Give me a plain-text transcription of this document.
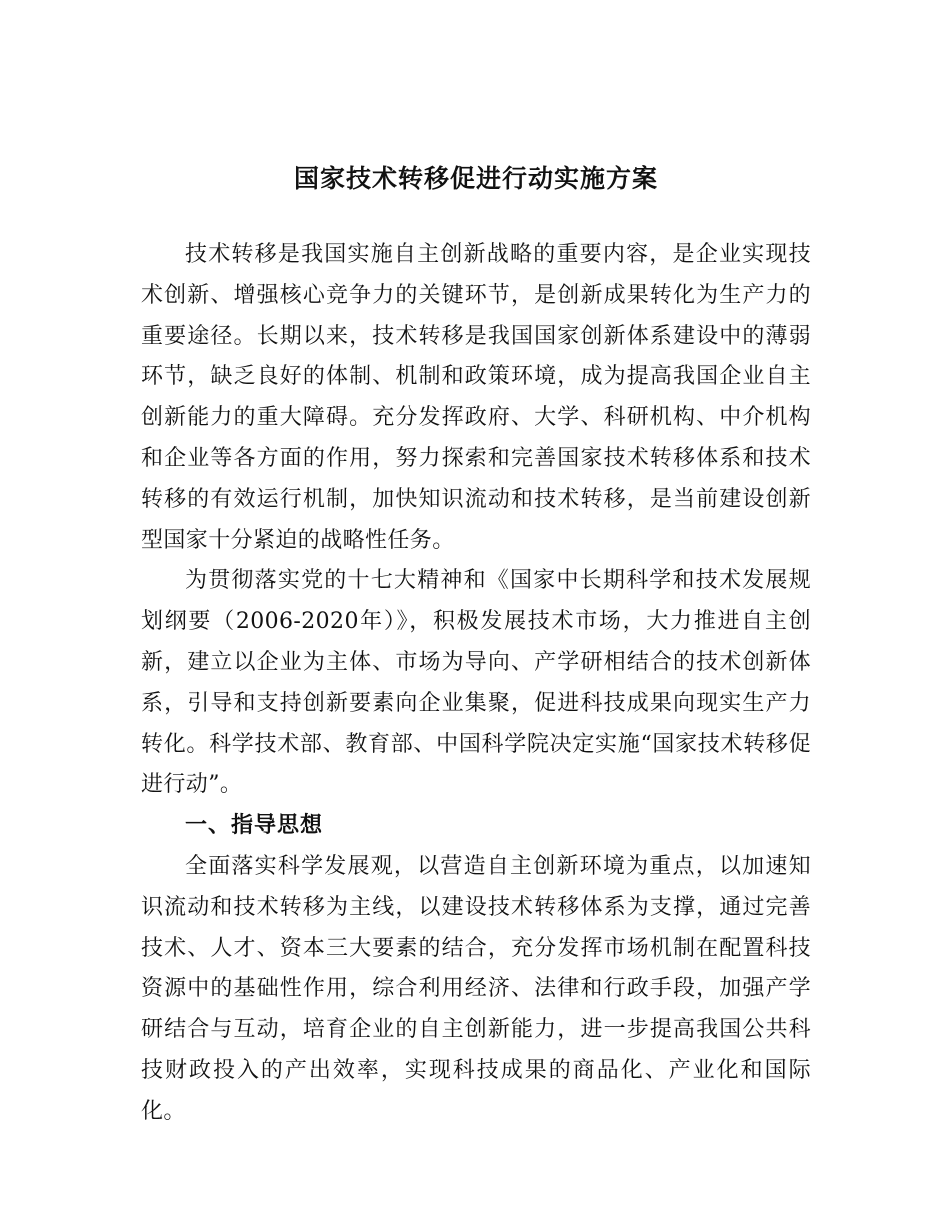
国家技术转移促进行动实施方案

技术转移是我国实施自主创新战略的重要内容，是企业实现技术创新、增强核心竞争力的关键环节，是创新成果转化为生产力的重要途径。长期以来，技术转移是我国国家创新体系建设中的薄弱环节，缺乏良好的体制、机制和政策环境，成为提高我国企业自主创新能力的重大障碍。充分发挥政府、大学、科研机构、中介机构和企业等各方面的作用，努力探索和完善国家技术转移体系和技术转移的有效运行机制，加快知识流动和技术转移，是当前建设创新型国家十分紧迫的战略性任务。

为贯彻落实党的十七大精神和《国家中长期科学和技术发展规划纲要（2006-2020年）》，积极发展技术市场，大力推进自主创新，建立以企业为主体、市场为导向、产学研相结合的技术创新体系，引导和支持创新要素向企业集聚，促进科技成果向现实生产力转化。科学技术部、教育部、中国科学院决定实施“国家技术转移促进行动”。

一、指导思想

全面落实科学发展观，以营造自主创新环境为重点，以加速知识流动和技术转移为主线，以建设技术转移体系为支撑，通过完善技术、人才、资本三大要素的结合，充分发挥市场机制在配置科技资源中的基础性作用，综合利用经济、法律和行政手段，加强产学研结合与互动，培育企业的自主创新能力，进一步提高我国公共科技财政投入的产出效率，实现科技成果的商品化、产业化和国际化。
